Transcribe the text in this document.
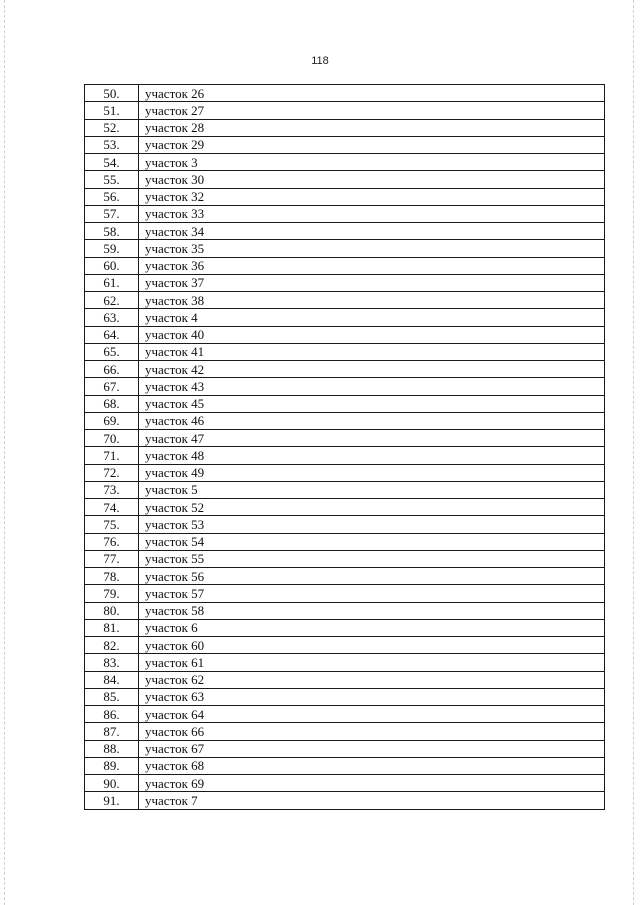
118
50.	участок 26
51.	участок 27
52.	участок 28
53.	участок 29
54.	участок 3
55.	участок 30
56.	участок 32
57.	участок 33
58.	участок 34
59.	участок 35
60.	участок 36
61.	участок 37
62.	участок 38
63.	участок 4
64.	участок 40
65.	участок 41
66.	участок 42
67.	участок 43
68.	участок 45
69.	участок 46
70.	участок 47
71.	участок 48
72.	участок 49
73.	участок 5
74.	участок 52
75.	участок 53
76.	участок 54
77.	участок 55
78.	участок 56
79.	участок 57
80.	участок 58
81.	участок 6
82.	участок 60
83.	участок 61
84.	участок 62
85.	участок 63
86.	участок 64
87.	участок 66
88.	участок 67
89.	участок 68
90.	участок 69
91.	участок 7
